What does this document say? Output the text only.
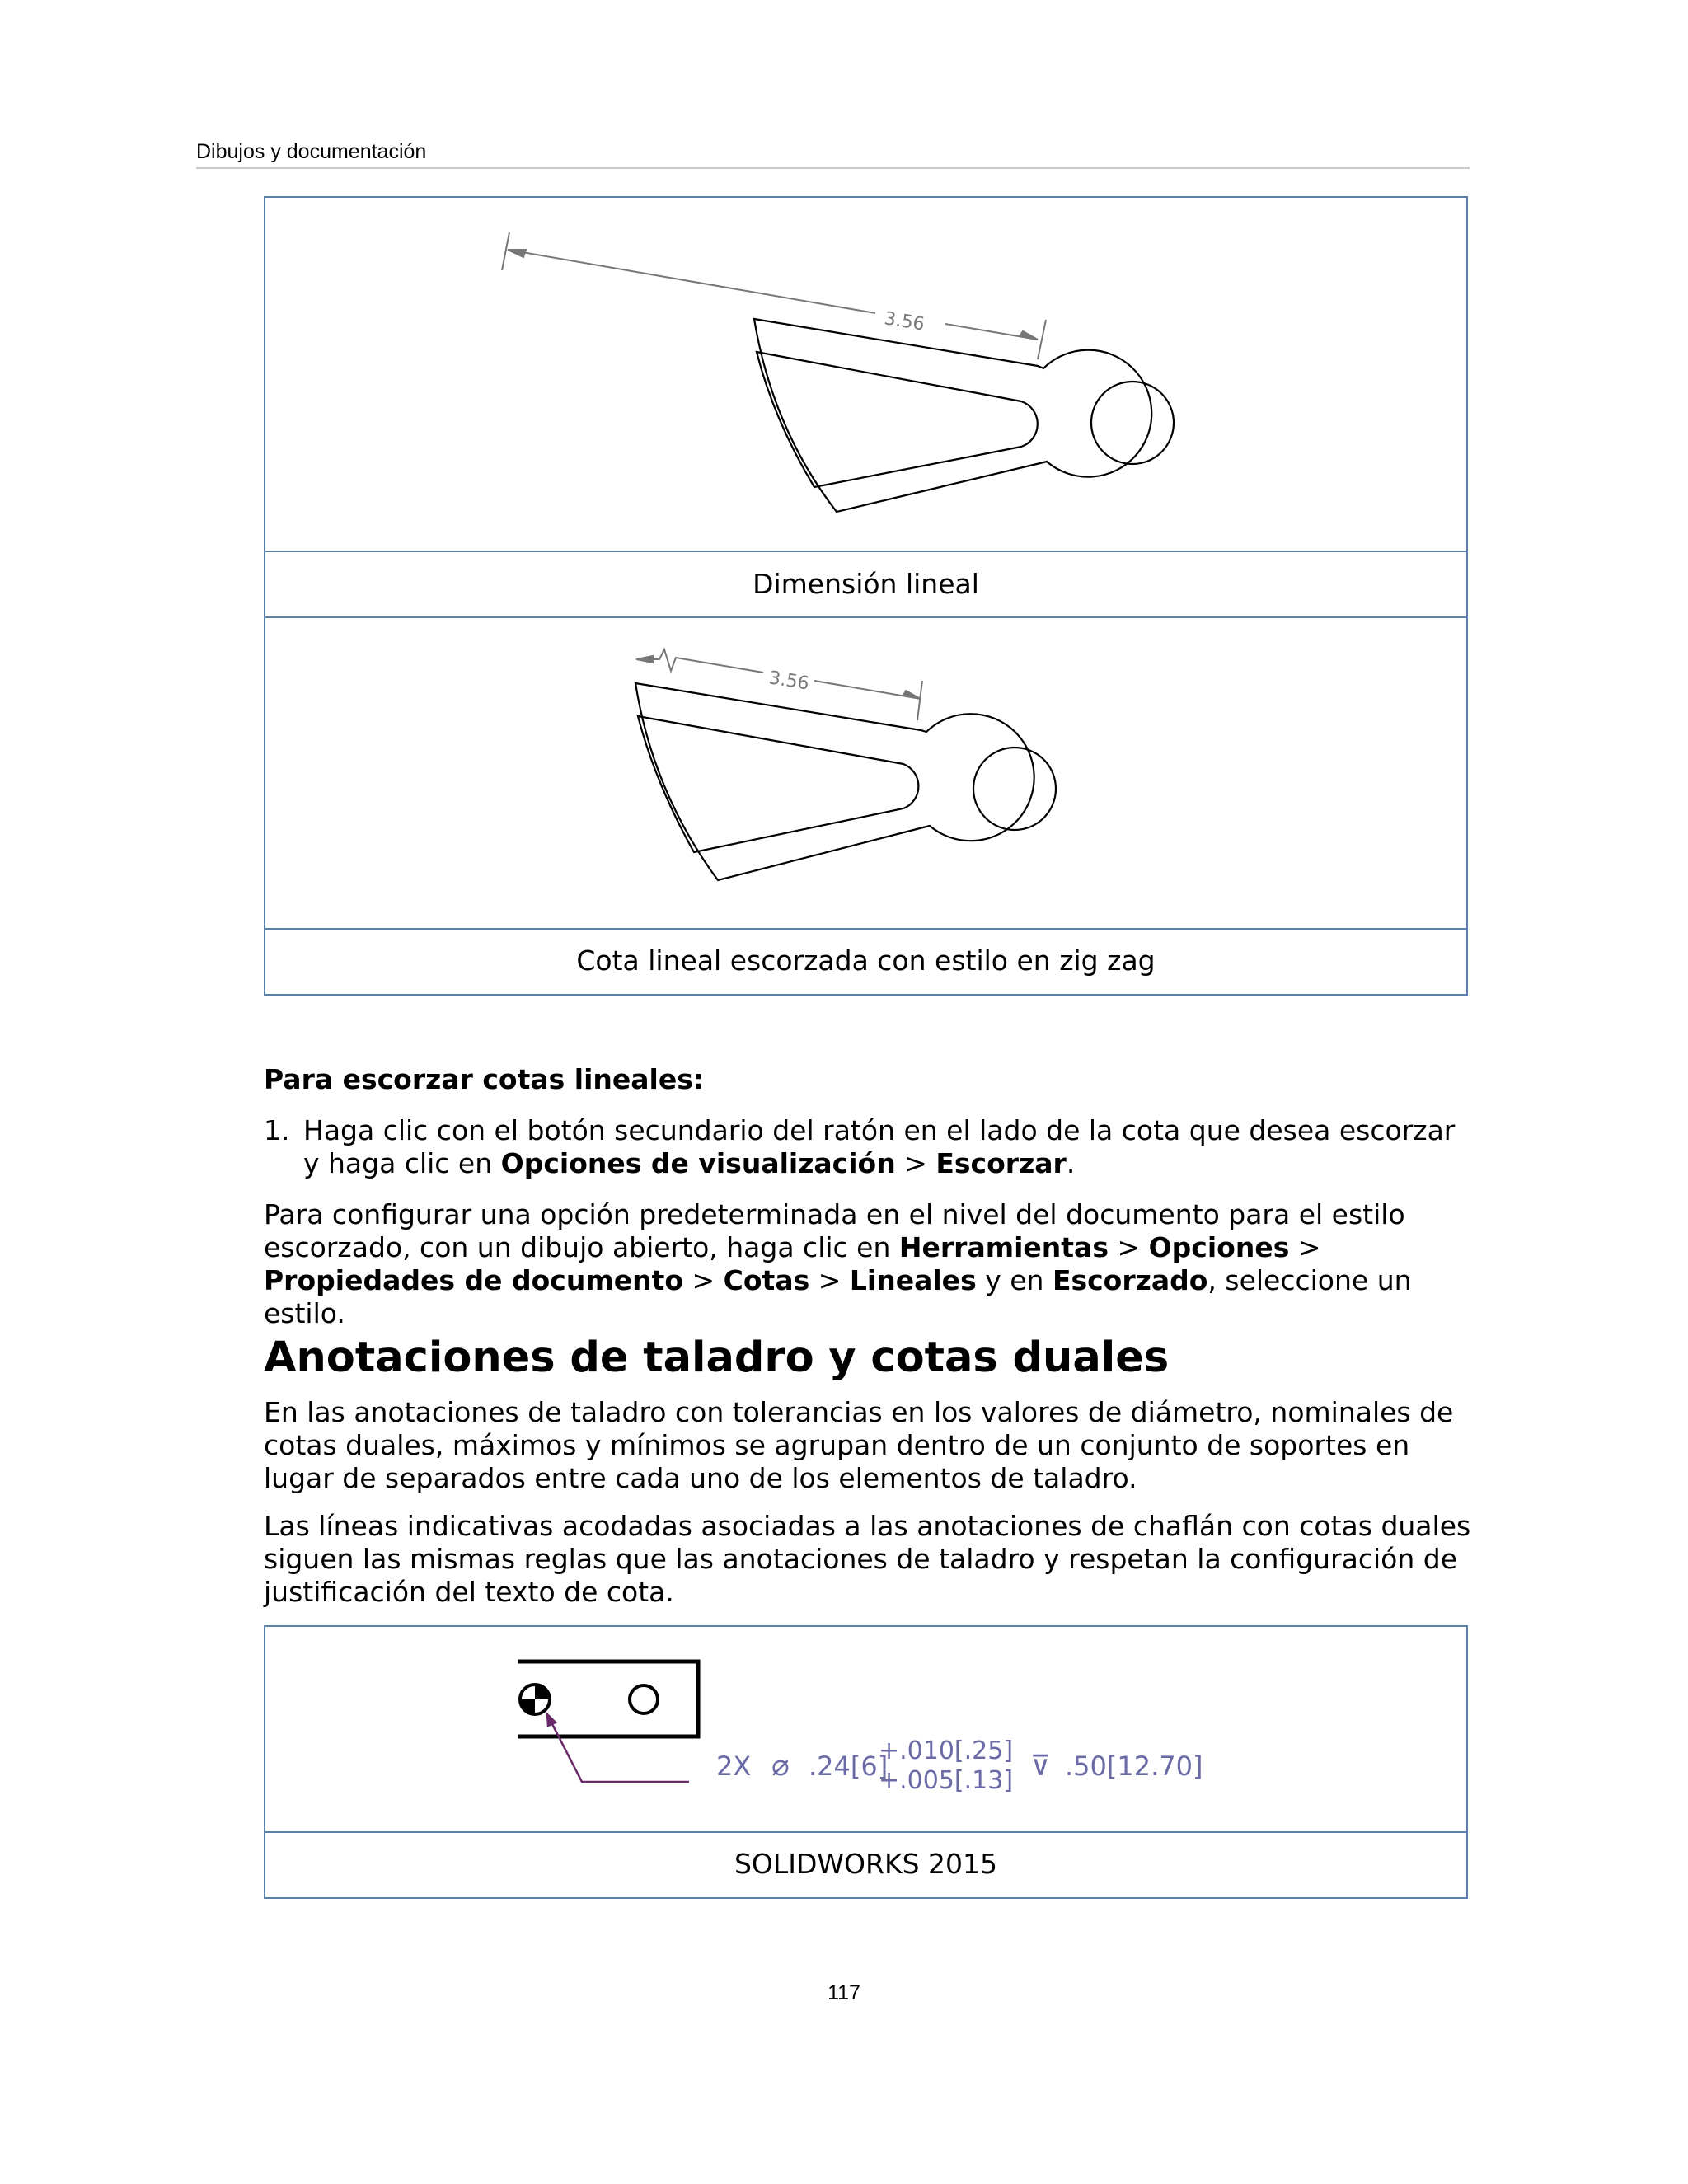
Dibujos y documentación
3.56
Dimensión lineal
3.56
Cota lineal escorzada con estilo en zig zag
Para escorzar cotas lineales:
1. Haga clic con el botón secundario del ratón en el lado de la cota que desea escorzar y haga clic en Opciones de visualización > Escorzar.

Para configurar una opción predeterminada en el nivel del documento para el estilo escorzado, con un dibujo abierto, haga clic en Herramientas > Opciones > Propiedades de documento > Cotas > Lineales y en Escorzado, seleccione un estilo.

Anotaciones de taladro y cotas duales

En las anotaciones de taladro con tolerancias en los valores de diámetro, nominales de cotas duales, máximos y mínimos se agrupan dentro de un conjunto de soportes en lugar de separados entre cada uno de los elementos de taladro.

Las líneas indicativas acodadas asociadas a las anotaciones de chaflán con cotas duales siguen las mismas reglas que las anotaciones de taladro y respetan la configuración de justificación del texto de cota.

2X ⌀ .24[6]
+.010[.25]
+.005[.13] ⊽ .50[12.70]
SOLIDWORKS 2015
117
